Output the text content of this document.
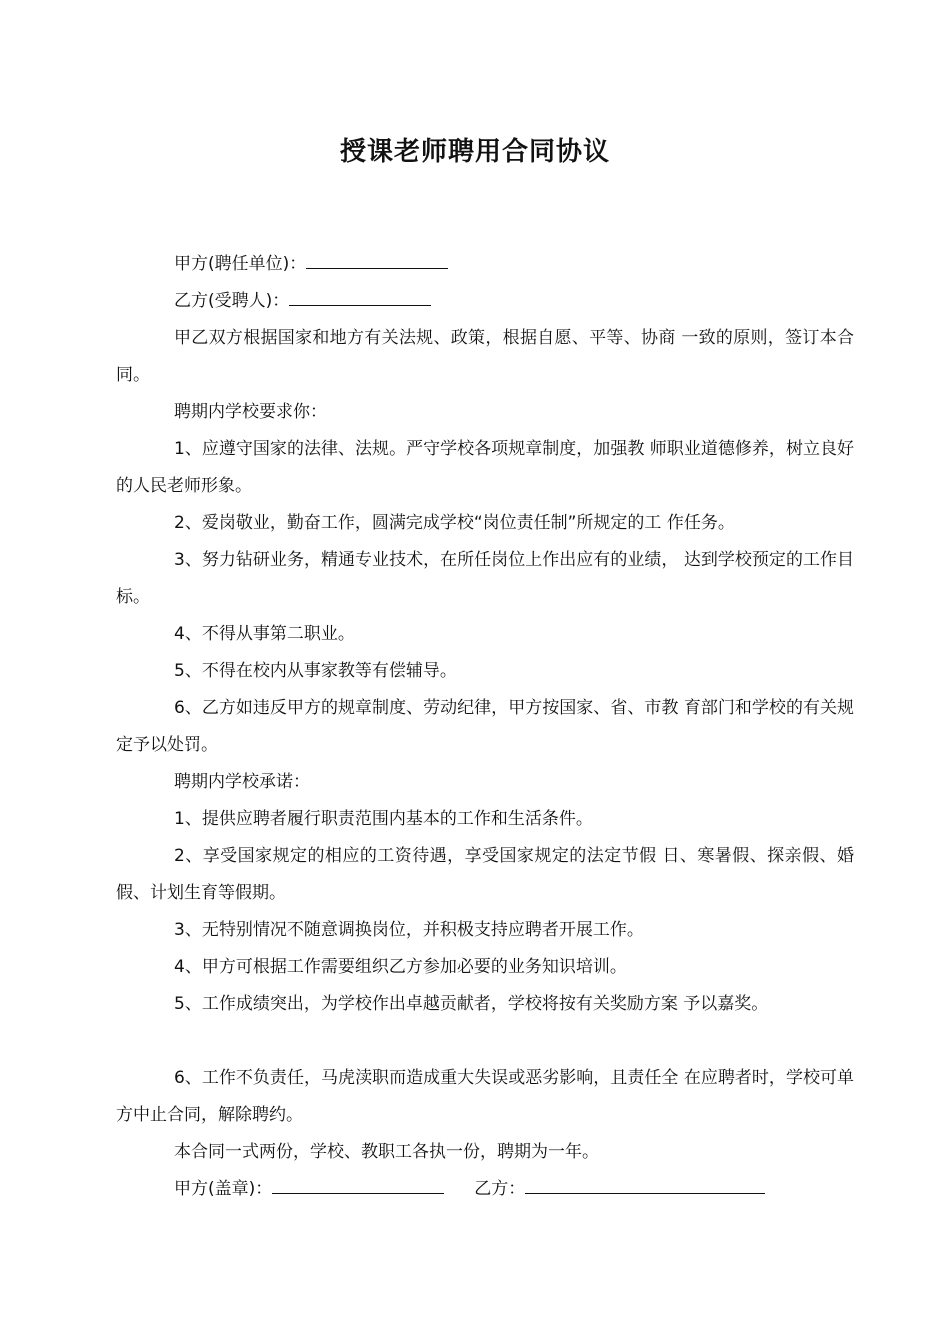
授课老师聘用合同协议

甲方(聘任单位)：

乙方(受聘人)：

甲乙双方根据国家和地方有关法规、政策，根据自愿、平等、协商 一致的原则，签订本合同。

聘期内学校要求你：

1、应遵守国家的法律、法规。严守学校各项规章制度，加强教 师职业道德修养，树立良好的人民老师形象。

2、爱岗敬业，勤奋工作，圆满完成学校“岗位责任制”所规定的工 作任务。

3、努力钻研业务，精通专业技术，在所任岗位上作出应有的业绩， 达到学校预定的工作目标。

4、不得从事第二职业。

5、不得在校内从事家教等有偿辅导。

6、乙方如违反甲方的规章制度、劳动纪律，甲方按国家、省、市教 育部门和学校的有关规定予以处罚。

聘期内学校承诺：

1、提供应聘者履行职责范围内基本的工作和生活条件。

2、享受国家规定的相应的工资待遇，享受国家规定的法定节假 日、寒暑假、探亲假、婚假、计划生育等假期。

3、无特别情况不随意调换岗位，并积极支持应聘者开展工作。

4、甲方可根据工作需要组织乙方参加必要的业务知识培训。

5、工作成绩突出，为学校作出卓越贡献者，学校将按有关奖励方案 予以嘉奖。

6、工作不负责任，马虎渎职而造成重大失误或恶劣影响，且责任全 在应聘者时，学校可单方中止合同，解除聘约。

本合同一式两份，学校、教职工各执一份，聘期为一年。

甲方(盖章)：	乙方：
